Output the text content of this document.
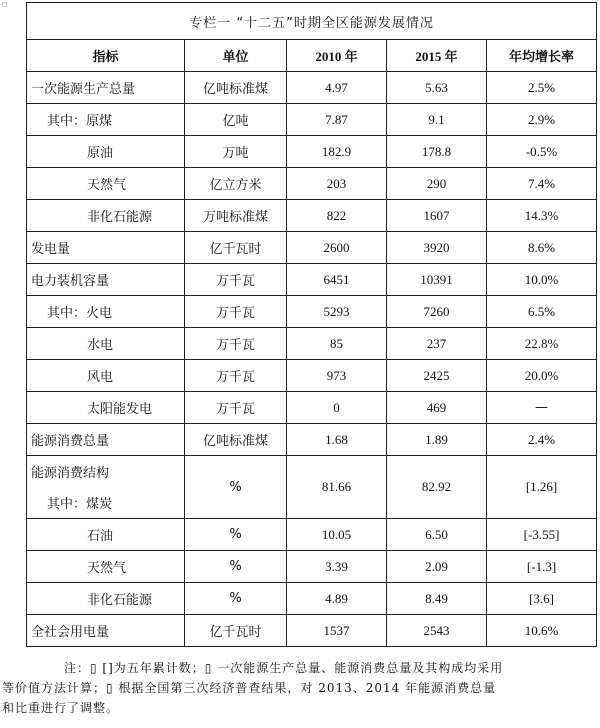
◻
专栏一 “十二五”时期全区能源发展情况				
指标	单位	2010 年	2015 年	年均增长率
一次能源生产总量	亿吨标准煤	4.97	5.63	2.5%
其中：原煤	亿吨	7.87	9.1	2.9%
原油	万吨	182.9	178.8	-0.5%
天然气	亿立方米	203	290	7.4%
非化石能源	万吨标准煤	822	1607	14.3%
发电量	亿千瓦时	2600	3920	8.6%
电力装机容量	万千瓦	6451	10391	10.0%
其中：火电	万千瓦	5293	7260	6.5%
水电	万千瓦	85	237	22.8%
风电	万千瓦	973	2425	20.0%
太阳能发电	万千瓦	0	469	—
能源消费总量	亿吨标准煤	1.68	1.89	2.4%

能源消费结构
其中：煤炭	%	81.66	82.92	[1.26]
石油	%	10.05	6.50	[-3.55]
天然气	%	3.39	2.09	[-1.3]
非化石能源	%	4.89	8.49	[3.6]
全社会用电量	亿千瓦时	1537	2543	10.6%
注：▯ []为五年累计数；▯ 一次能源生产总量、能源消费总量及其构成均采用
等价值方法计算；▯ 根据全国第三次经济普查结果，对 2013、2014 年能源消费总量
和比重进行了调整。
